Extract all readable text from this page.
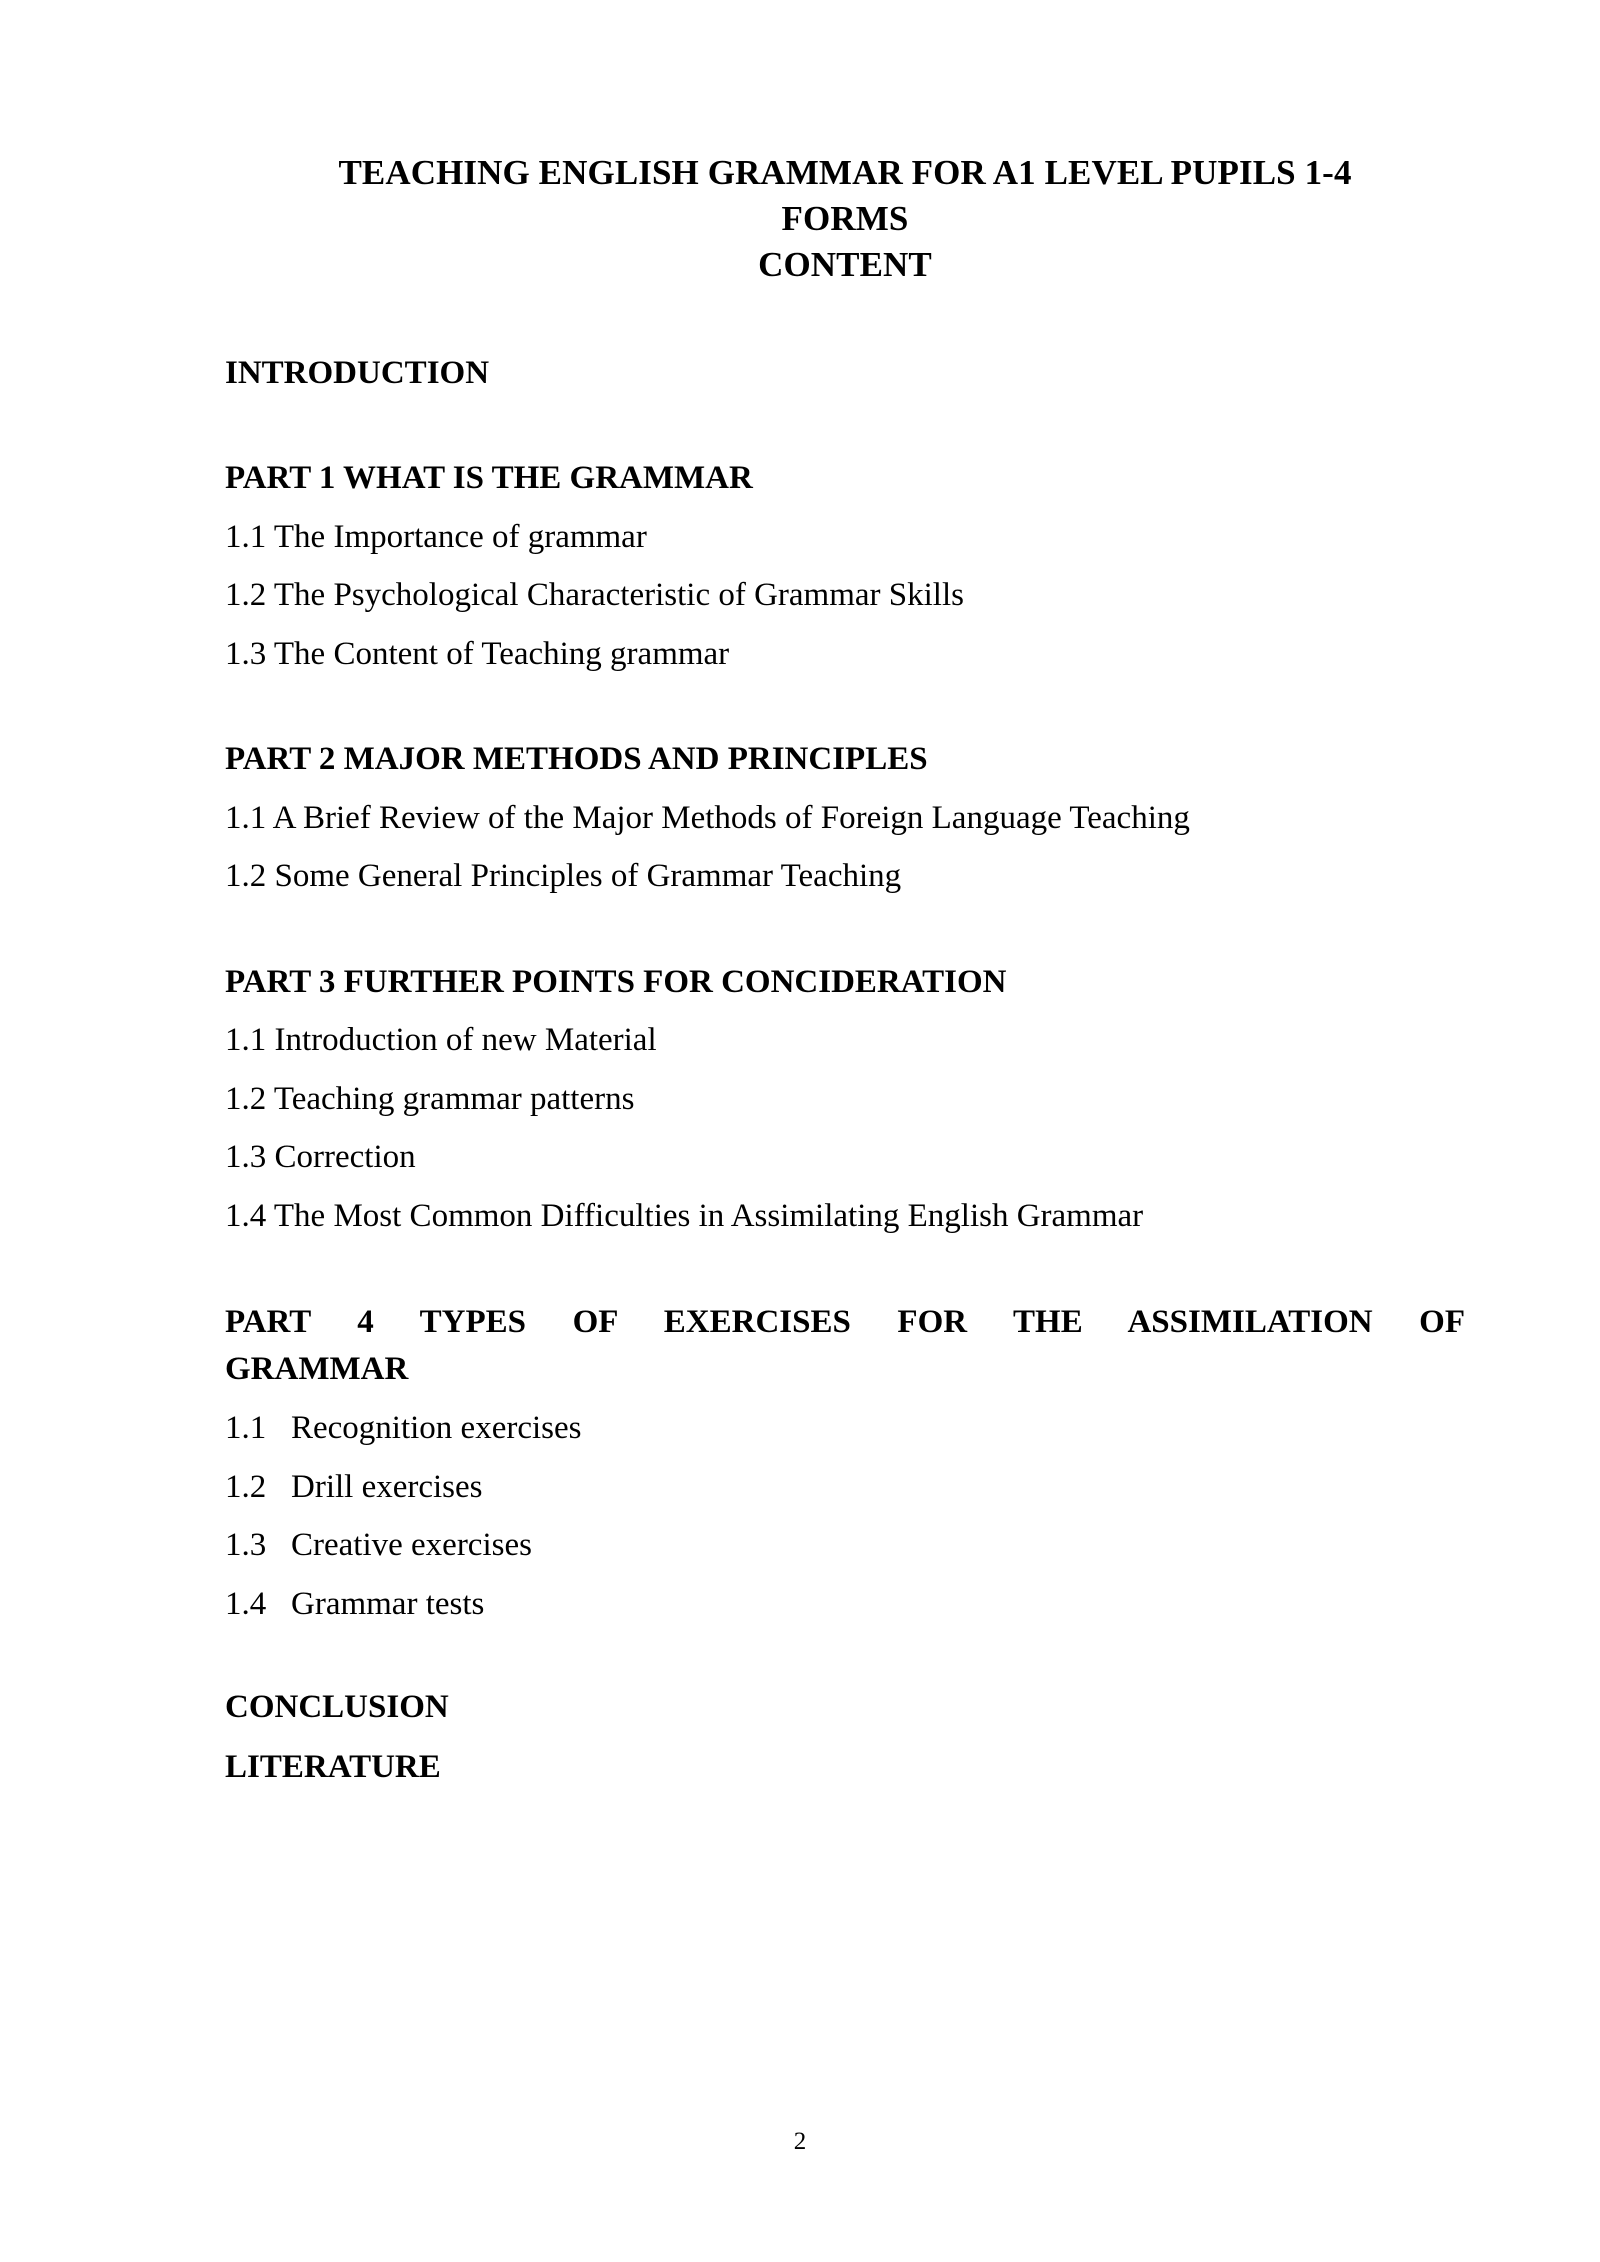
TEACHING ENGLISH GRAMMAR FOR A1 LEVEL PUPILS 1-4
FORMS
CONTENT
INTRODUCTION
PART 1 WHAT IS THE GRAMMAR
1.1 The Importance of grammar
1.2 The Psychological Characteristic of Grammar Skills
1.3 The Content of Teaching grammar
PART 2 MAJOR METHODS AND PRINCIPLES
1.1 A Brief Review of the Major Methods of Foreign Language Teaching
1.2 Some General Principles of Grammar Teaching
PART 3 FURTHER POINTS FOR CONCIDERATION
1.1 Introduction of new Material
1.2 Teaching grammar patterns
1.3 Correction
1.4 The Most Common Difficulties in Assimilating English Grammar
PART 4 TYPES OF EXERCISES FOR THE ASSIMILATION OF
GRAMMAR
1.1   Recognition exercises
1.2   Drill exercises
1.3   Creative exercises
1.4   Grammar tests
CONCLUSION
LITERATURE
2
